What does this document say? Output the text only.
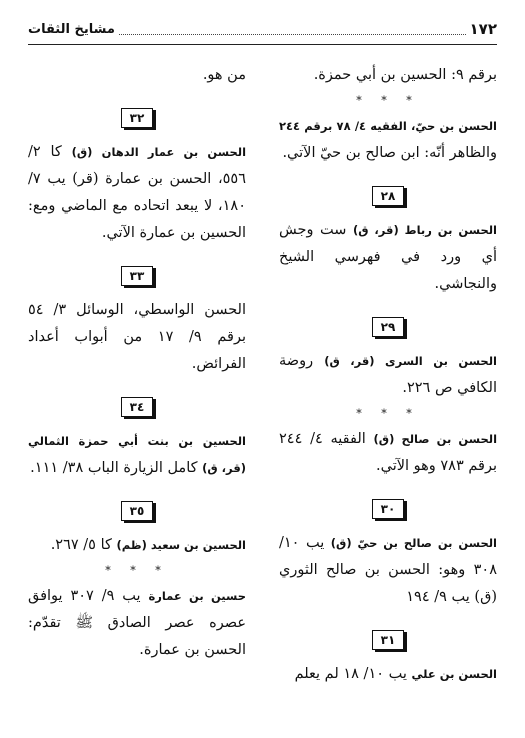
١٧٢
مشايخ الثقات

برقم ٩: الحسين بن أبي حمزة.

* * *

الحسن بن حيّ، الفقيه ٤/ ٧٨ برقم ٢٤٤ والظاهر أنّه: ابن صالح بن حيّ الآتي.

٢٨

الحسن بن رباط (قر، ق) ست وجش أي ورد في فهرسي الشيخ والنجاشي.

٢٩

الحسن بن السرى (قر، ق) روضة الكافي ص ٢٢٦.

* * *

الحسن بن صالح (ق) الفقيه ٤/ ٢٤٤ برقم ٧٨٣ وهو الآتي.

٣٠

الحسن بن صالح بن حيّ (ق) يب ١٠/ ٣٠٨ وهو: الحسن بن صالح الثوري (ق) يب ٩/ ١٩٤

٣١

الحسن بن علي يب ١٠/ ١٨ لم يعلم

من هو.

٣٢

الحسن بن عمار الدهان (ق) كا ٢/ ٥٥٦، الحسن بن عمارة (قر) يب ٧/ ١٨٠، لا يبعد اتحاده مع الماضي ومع: الحسين بن عمارة الآتي.

٣٣

الحسن الواسطي، الوسائل ٣/ ٥٤ برقم ٩/ ١٧ من أبواب أعداد الفرائض.

٣٤

الحسين بن بنت أبي حمزة الثمالي (قر، ق) كامل الزيارة الباب ٣٨/ ١١١.

٣٥

الحسين بن سعيد (ظم) كا ٥/ ٢٦٧.

* * *

حسين بن عمارة يب ٩/ ٣٠٧ يوافق عصره عصر الصادق ﷺ تقدّم: الحسن بن عمارة.
